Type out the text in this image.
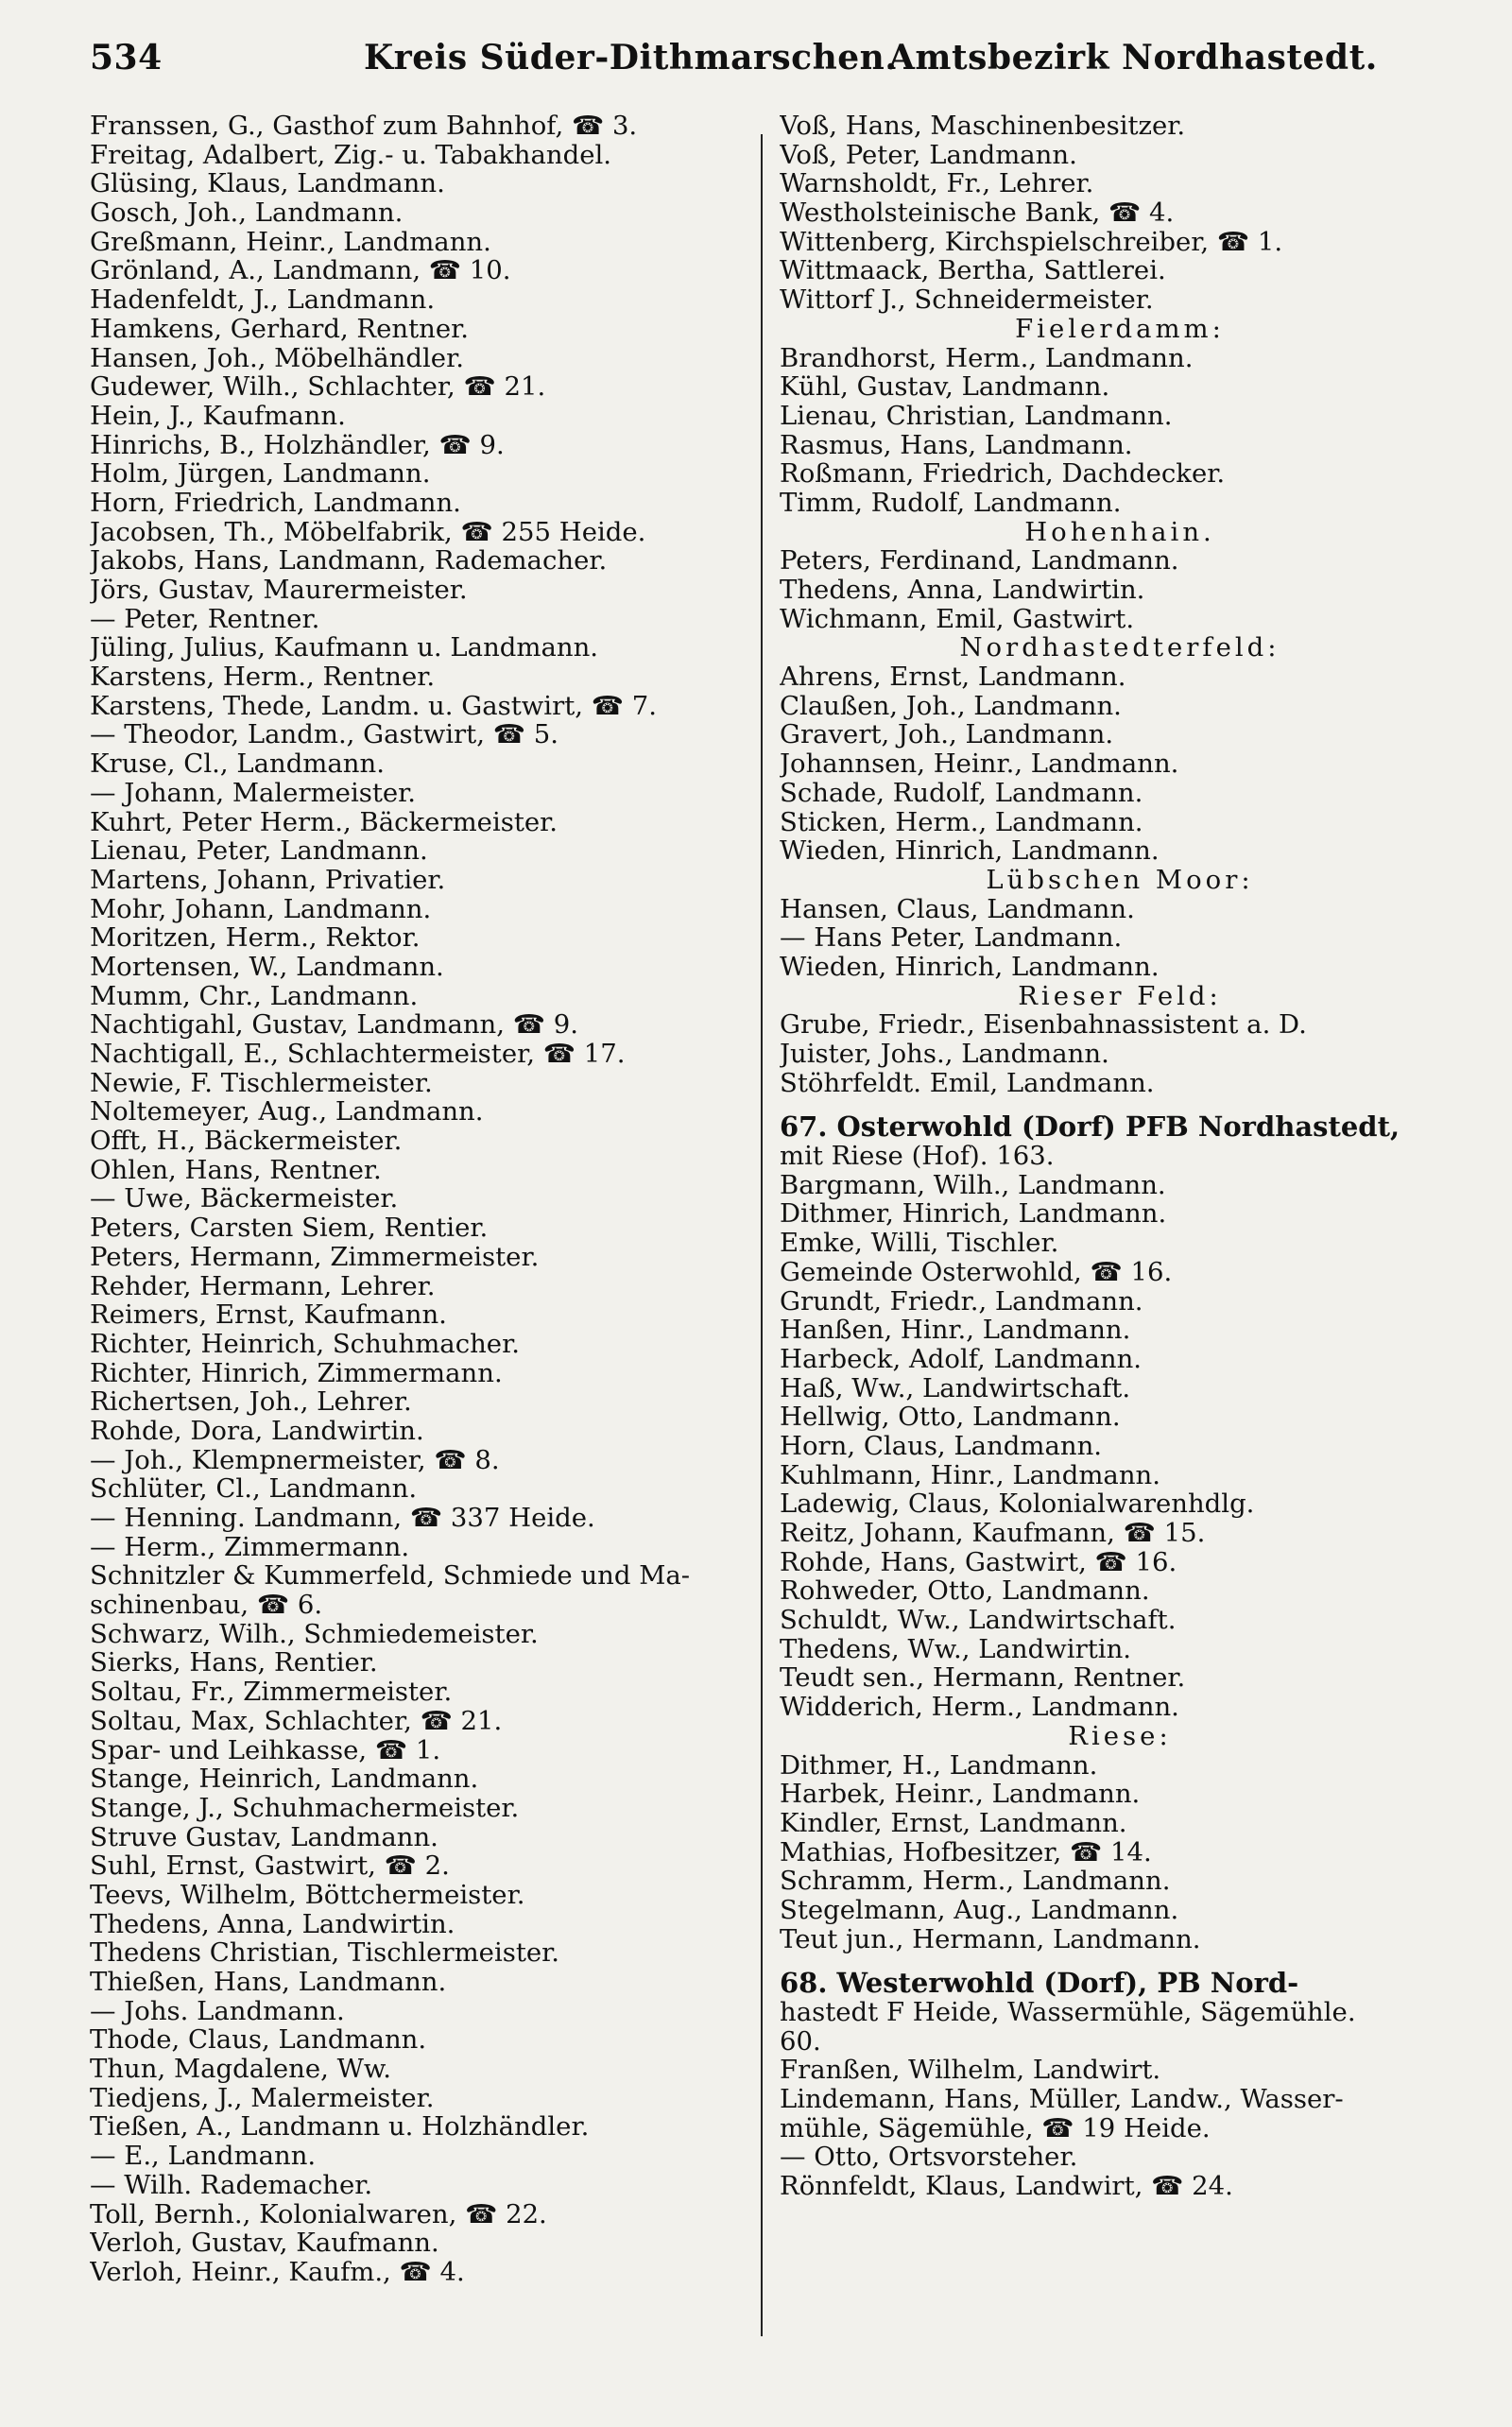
534	Kreis Süder-Dithmarschen.
Amtsbezirk Nordhastedt.
Franssen, G., Gasthof zum Bahnhof, ☎ 3.
Freitag, Adalbert, Zig.- u. Tabakhandel.
Glüsing, Klaus, Landmann.
Gosch, Joh., Landmann.
Greßmann, Heinr., Landmann.
Grönland, A., Landmann, ☎ 10.
Hadenfeldt, J., Landmann.
Hamkens, Gerhard, Rentner.
Hansen, Joh., Möbelhändler.
Gudewer, Wilh., Schlachter, ☎ 21.
Hein, J., Kaufmann.
Hinrichs, B., Holzhändler, ☎ 9.
Holm, Jürgen, Landmann.
Horn, Friedrich, Landmann.
Jacobsen, Th., Möbelfabrik, ☎ 255 Heide.
Jakobs, Hans, Landmann, Rademacher.
Jörs, Gustav, Maurermeister.
— Peter, Rentner.
Jüling, Julius, Kaufmann u. Landmann.
Karstens, Herm., Rentner.
Karstens, Thede, Landm. u. Gastwirt, ☎ 7.
— Theodor, Landm., Gastwirt, ☎ 5.
Kruse, Cl., Landmann.
— Johann, Malermeister.
Kuhrt, Peter Herm., Bäckermeister.
Lienau, Peter, Landmann.
Martens, Johann, Privatier.
Mohr, Johann, Landmann.
Moritzen, Herm., Rektor.
Mortensen, W., Landmann.
Mumm, Chr., Landmann.
Nachtigahl, Gustav, Landmann, ☎ 9.
Nachtigall, E., Schlachtermeister, ☎ 17.
Newie, F. Tischlermeister.
Noltemeyer, Aug., Landmann.
Offt, H., Bäckermeister.
Ohlen, Hans, Rentner.
— Uwe, Bäckermeister.
Peters, Carsten Siem, Rentier.
Peters, Hermann, Zimmermeister.
Rehder, Hermann, Lehrer.
Reimers, Ernst, Kaufmann.
Richter, Heinrich, Schuhmacher.
Richter, Hinrich, Zimmermann.
Richertsen, Joh., Lehrer.
Rohde, Dora, Landwirtin.
— Joh., Klempnermeister, ☎ 8.
Schlüter, Cl., Landmann.
— Henning. Landmann, ☎ 337 Heide.
— Herm., Zimmermann.
Schnitzler & Kummerfeld, Schmiede und Ma-
schinenbau, ☎ 6.
Schwarz, Wilh., Schmiedemeister.
Sierks, Hans, Rentier.
Soltau, Fr., Zimmermeister.
Soltau, Max, Schlachter, ☎ 21.
Spar- und Leihkasse, ☎ 1.
Stange, Heinrich, Landmann.
Stange, J., Schuhmachermeister.
Struve Gustav, Landmann.
Suhl, Ernst, Gastwirt, ☎ 2.
Teevs, Wilhelm, Böttchermeister.
Thedens, Anna, Landwirtin.
Thedens Christian, Tischlermeister.
Thießen, Hans, Landmann.
— Johs. Landmann.
Thode, Claus, Landmann.
Thun, Magdalene, Ww.
Tiedjens, J., Malermeister.
Tießen, A., Landmann u. Holzhändler.
— E., Landmann.
— Wilh. Rademacher.
Toll, Bernh., Kolonialwaren, ☎ 22.
Verloh, Gustav, Kaufmann.
Verloh, Heinr., Kaufm., ☎ 4.
Voß, Hans, Maschinenbesitzer.
Voß, Peter, Landmann.
Warnsholdt, Fr., Lehrer.
Westholsteinische Bank, ☎ 4.
Wittenberg, Kirchspielschreiber, ☎ 1.
Wittmaack, Bertha, Sattlerei.
Wittorf J., Schneidermeister.
Fielerdamm:
Brandhorst, Herm., Landmann.
Kühl, Gustav, Landmann.
Lienau, Christian, Landmann.
Rasmus, Hans, Landmann.
Roßmann, Friedrich, Dachdecker.
Timm, Rudolf, Landmann.
Hohenhain.
Peters, Ferdinand, Landmann.
Thedens, Anna, Landwirtin.
Wichmann, Emil, Gastwirt.
Nordhastedterfeld:
Ahrens, Ernst, Landmann.
Claußen, Joh., Landmann.
Gravert, Joh., Landmann.
Johannsen, Heinr., Landmann.
Schade, Rudolf, Landmann.
Sticken, Herm., Landmann.
Wieden, Hinrich, Landmann.
Lübschen Moor:
Hansen, Claus, Landmann.
— Hans Peter, Landmann.
Wieden, Hinrich, Landmann.
Rieser Feld:
Grube, Friedr., Eisenbahnassistent a. D.
Juister, Johs., Landmann.
Stöhrfeldt. Emil, Landmann.
67. Osterwohld (Dorf) PFB Nordhastedt,
mit Riese (Hof). 163.
Bargmann, Wilh., Landmann.
Dithmer, Hinrich, Landmann.
Emke, Willi, Tischler.
Gemeinde Osterwohld, ☎ 16.
Grundt, Friedr., Landmann.
Hanßen, Hinr., Landmann.
Harbeck, Adolf, Landmann.
Haß, Ww., Landwirtschaft.
Hellwig, Otto, Landmann.
Horn, Claus, Landmann.
Kuhlmann, Hinr., Landmann.
Ladewig, Claus, Kolonialwarenhdlg.
Reitz, Johann, Kaufmann, ☎ 15.
Rohde, Hans, Gastwirt, ☎ 16.
Rohweder, Otto, Landmann.
Schuldt, Ww., Landwirtschaft.
Thedens, Ww., Landwirtin.
Teudt sen., Hermann, Rentner.
Widderich, Herm., Landmann.
Riese:
Dithmer, H., Landmann.
Harbek, Heinr., Landmann.
Kindler, Ernst, Landmann.
Mathias, Hofbesitzer, ☎ 14.
Schramm, Herm., Landmann.
Stegelmann, Aug., Landmann.
Teut jun., Hermann, Landmann.
68. Westerwohld (Dorf), PB Nord-
hastedt F Heide, Wassermühle, Sägemühle.
60.
Franßen, Wilhelm, Landwirt.
Lindemann, Hans, Müller, Landw., Wasser-
mühle, Sägemühle, ☎ 19 Heide.
— Otto, Ortsvorsteher.
Rönnfeldt, Klaus, Landwirt, ☎ 24.
